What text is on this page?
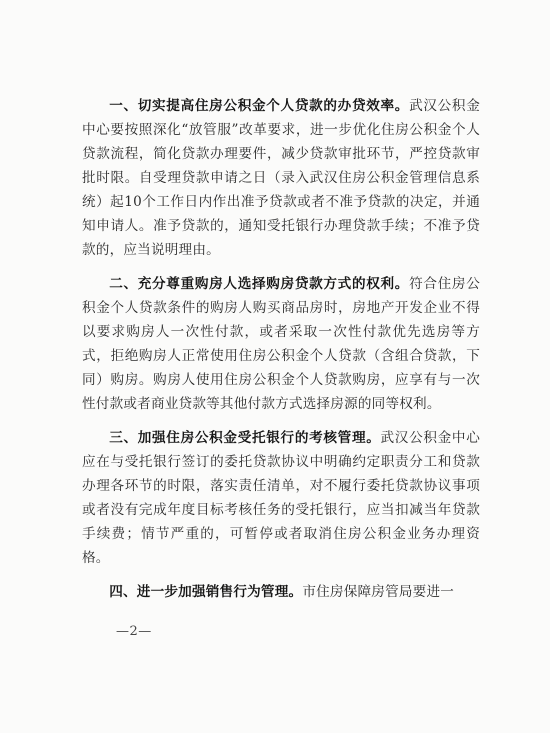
一、切实提高住房公积金个人贷款的办贷效率。武汉公积金中心要按照深化“放管服”改革要求，进一步优化住房公积金个人贷款流程，简化贷款办理要件，减少贷款审批环节，严控贷款审批时限。自受理贷款申请之日（录入武汉住房公积金管理信息系统）起10个工作日内作出准予贷款或者不准予贷款的决定，并通知申请人。准予贷款的，通知受托银行办理贷款手续；不准予贷款的，应当说明理由。

二、充分尊重购房人选择购房贷款方式的权利。符合住房公积金个人贷款条件的购房人购买商品房时，房地产开发企业不得以要求购房人一次性付款，或者采取一次性付款优先选房等方式，拒绝购房人正常使用住房公积金个人贷款（含组合贷款，下同）购房。购房人使用住房公积金个人贷款购房，应享有与一次性付款或者商业贷款等其他付款方式选择房源的同等权利。

三、加强住房公积金受托银行的考核管理。武汉公积金中心应在与受托银行签订的委托贷款协议中明确约定职责分工和贷款办理各环节的时限，落实责任清单，对不履行委托贷款协议事项或者没有完成年度目标考核任务的受托银行，应当扣减当年贷款手续费；情节严重的，可暂停或者取消住房公积金业务办理资格。

四、进一步加强销售行为管理。市住房保障房管局要进一

—2—
